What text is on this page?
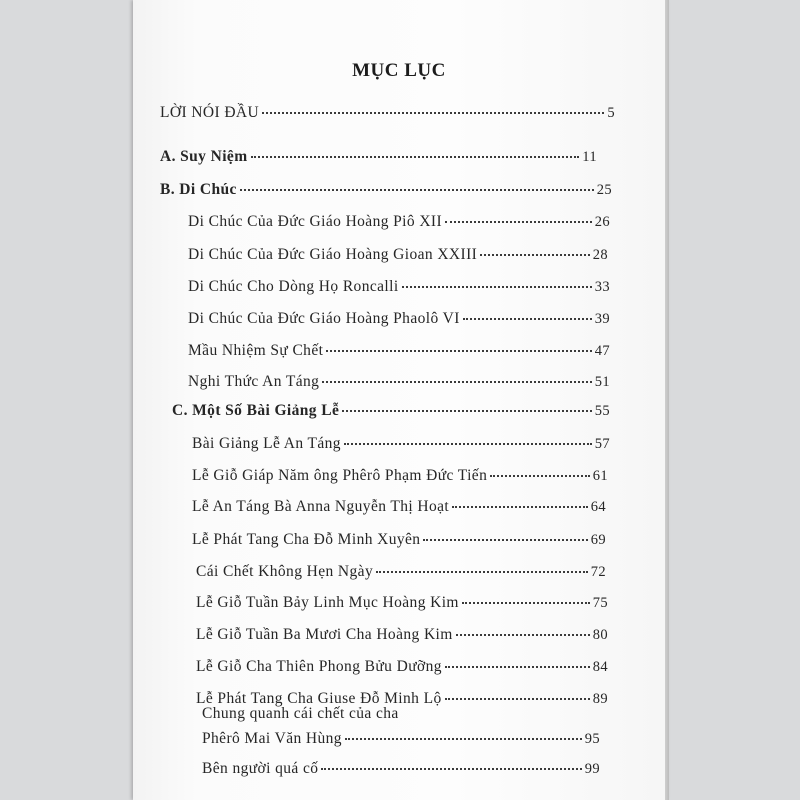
MỤC LỤC
LỜI NÓI ĐẦU	5
A. Suy Niệm	11
B. Di Chúc	25
Di Chúc Của Đức Giáo Hoàng Piô XII	26
Di Chúc Của Đức Giáo Hoàng Gioan XXIII	28
Di Chúc Cho Dòng Họ Roncalli	33
Di Chúc Của Đức Giáo Hoàng Phaolô VI	39
Mầu Nhiệm Sự Chết	47
Nghi Thức An Táng	51
C. Một Số Bài Giảng Lễ	55
Bài Giảng Lễ An Táng	57
Lễ Giỗ Giáp Năm ông Phêrô Phạm Đức Tiến	61
Lễ An Táng Bà Anna Nguyễn Thị Hoạt	64
Lễ Phát Tang Cha Đỗ Minh Xuyên	69
Cái Chết Không Hẹn Ngày	72
Lễ Giỗ Tuần Bảy Linh Mục Hoàng Kim	75
Lễ Giỗ Tuần Ba Mươi Cha Hoàng Kim	80
Lễ Giỗ Cha Thiên Phong Bửu Dưỡng	84
Lễ Phát Tang Cha Giuse Đỗ Minh Lộ	89
Chung quanh cái chết của cha
Phêrô Mai Văn Hùng	95
Bên người quá cố	99
